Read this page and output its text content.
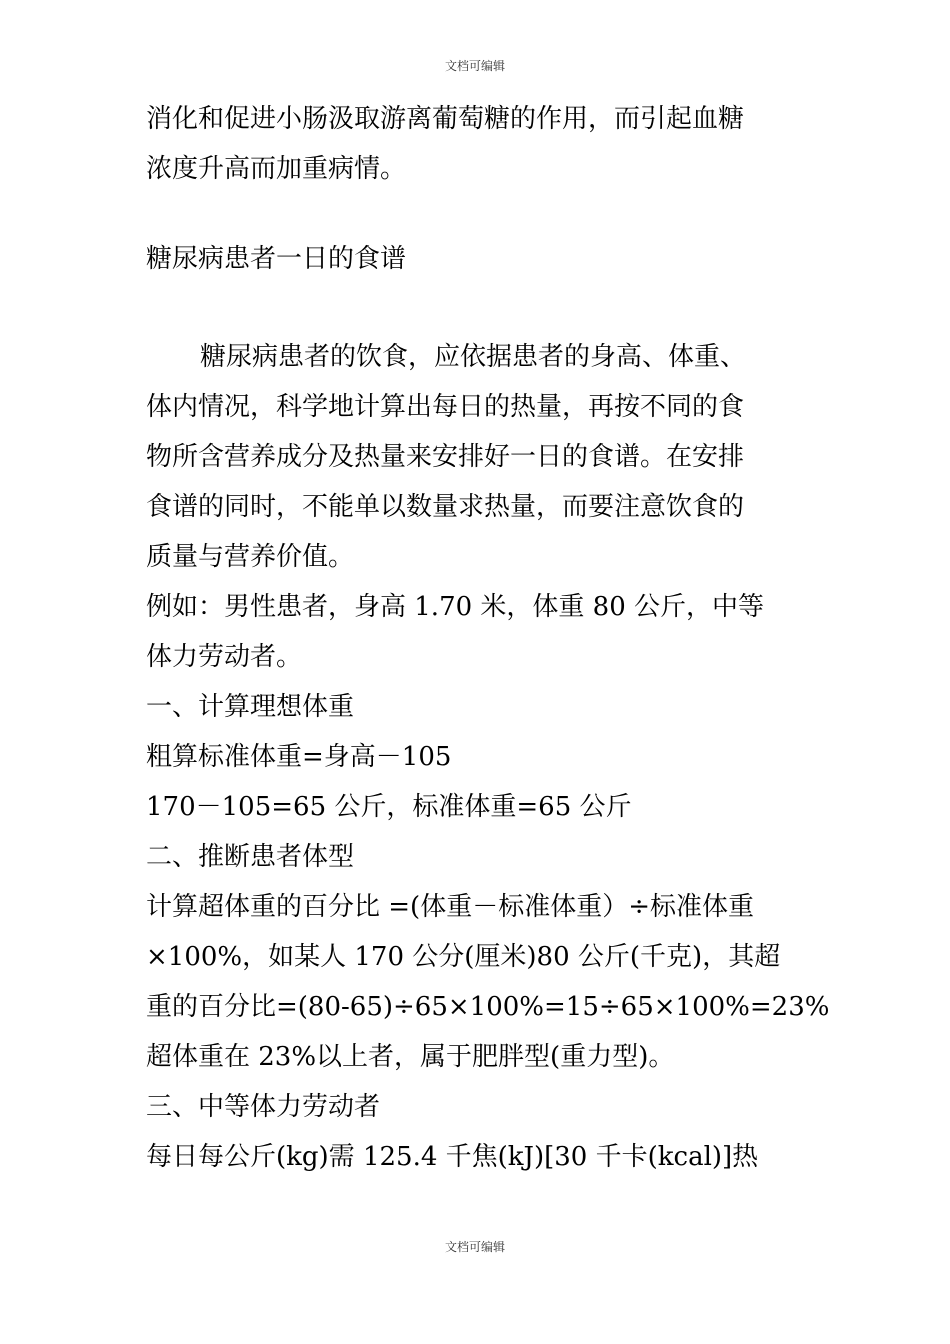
文档可编辑

消化和促进小肠汲取游离葡萄糖的作用，而引起血糖

浓度升高而加重病情。

糖尿病患者一日的食谱

糖尿病患者的饮食，应依据患者的身高、体重、

体内情况，科学地计算出每日的热量，再按不同的食

物所含营养成分及热量来安排好一日的食谱。在安排

食谱的同时，不能单以数量求热量，而要注意饮食的

质量与营养价值。

例如：男性患者，身高 1.70 米，体重 80 公斤，中等

体力劳动者。

一、计算理想体重

粗算标准体重=身高－105

170－105=65 公斤，标准体重=65 公斤

二、推断患者体型

计算超体重的百分比 =(体重－标准体重）÷标准体重

×100%，如某人 170 公分(厘米)80 公斤(千克)，其超

重的百分比=(80-65)÷65×100%=15÷65×100%=23%

超体重在 23%以上者，属于肥胖型(重力型)。

三、中等体力劳动者

每日每公斤(kg)需 125.4 千焦(kJ)[30 千卡(kcal)]热

文档可编辑
